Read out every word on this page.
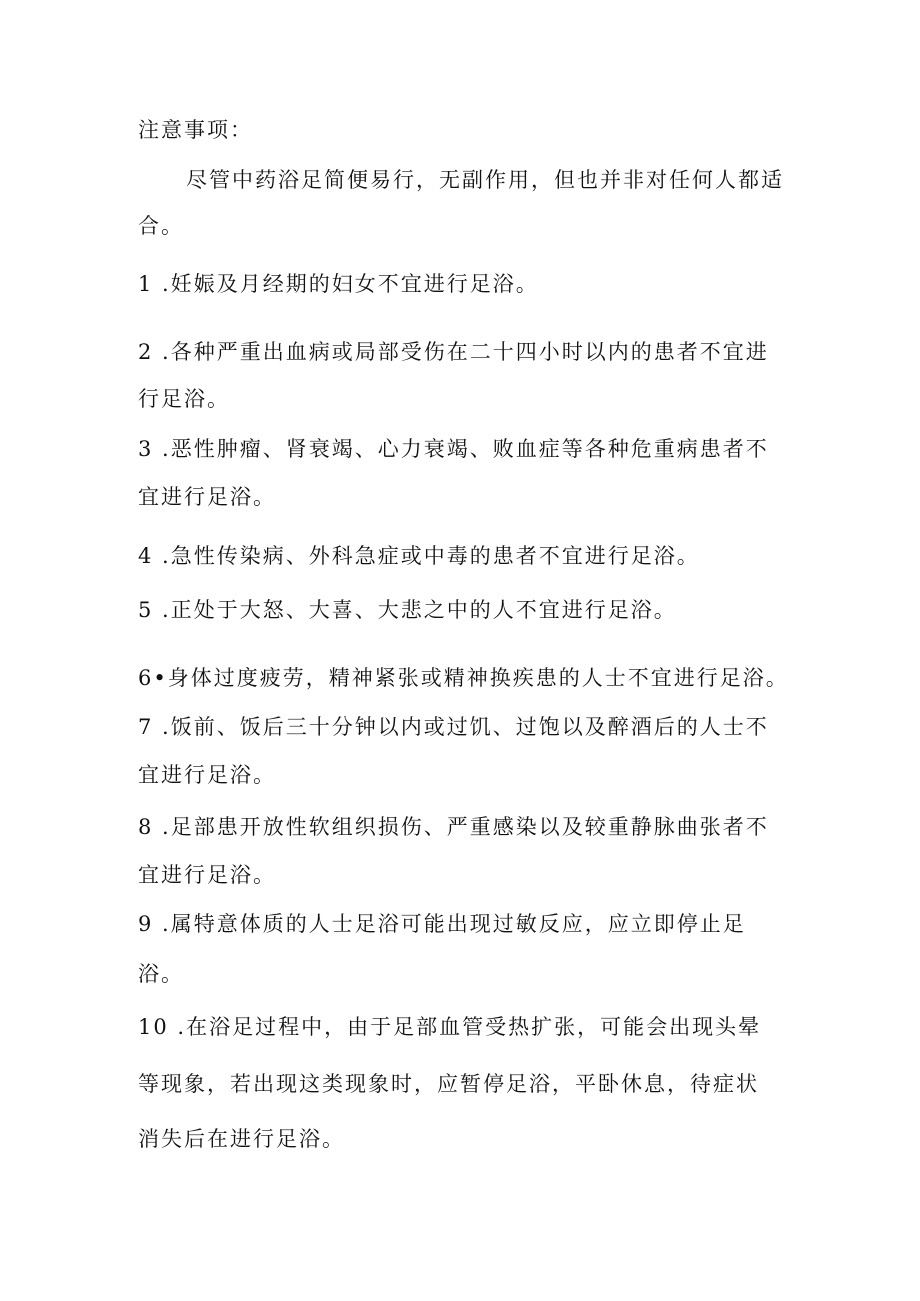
注意事项：
尽管中药浴足简便易行，无副作用，但也并非对任何人都适
合。
1 .妊娠及月经期的妇女不宜进行足浴。
2 .各种严重出血病或局部受伤在二十四小时以内的患者不宜进
行足浴。
3 .恶性肿瘤、肾衰竭、心力衰竭、败血症等各种危重病患者不
宜进行足浴。
4 .急性传染病、外科急症或中毒的患者不宜进行足浴。
5 .正处于大怒、大喜、大悲之中的人不宜进行足浴。
6•身体过度疲劳，精神紧张或精神换疾患的人士不宜进行足浴。
7 .饭前、饭后三十分钟以内或过饥、过饱以及醉酒后的人士不
宜进行足浴。
8 .足部患开放性软组织损伤、严重感染以及较重静脉曲张者不
宜进行足浴。
9 .属特意体质的人士足浴可能出现过敏反应，应立即停止足
浴。
10 .在浴足过程中，由于足部血管受热扩张，可能会出现头晕
等现象，若出现这类现象时，应暂停足浴，平卧休息，待症状
消失后在进行足浴。
